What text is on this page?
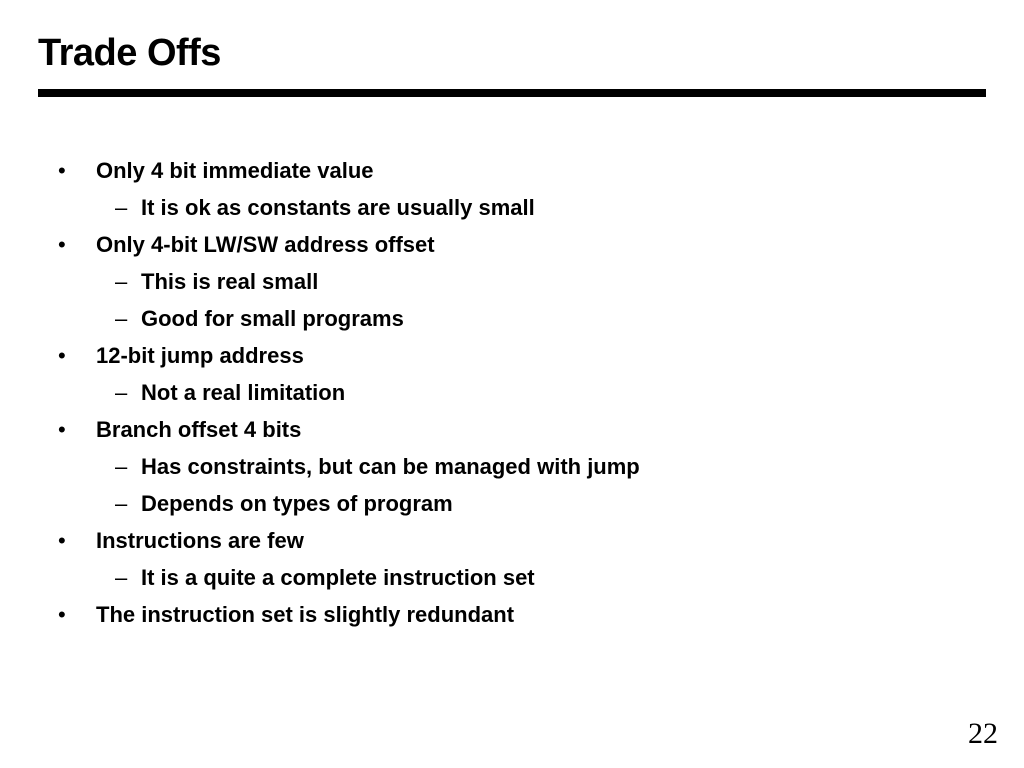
Trade Offs
• Only 4 bit immediate value
– It is ok as constants are usually small
• Only 4-bit LW/SW address offset
– This is real small
– Good for small programs
• 12-bit jump address
– Not a real limitation
• Branch offset 4 bits
– Has constraints, but can be managed with jump
– Depends on types of program
• Instructions are few
– It is a quite a complete instruction set
• The instruction set is slightly redundant
22
